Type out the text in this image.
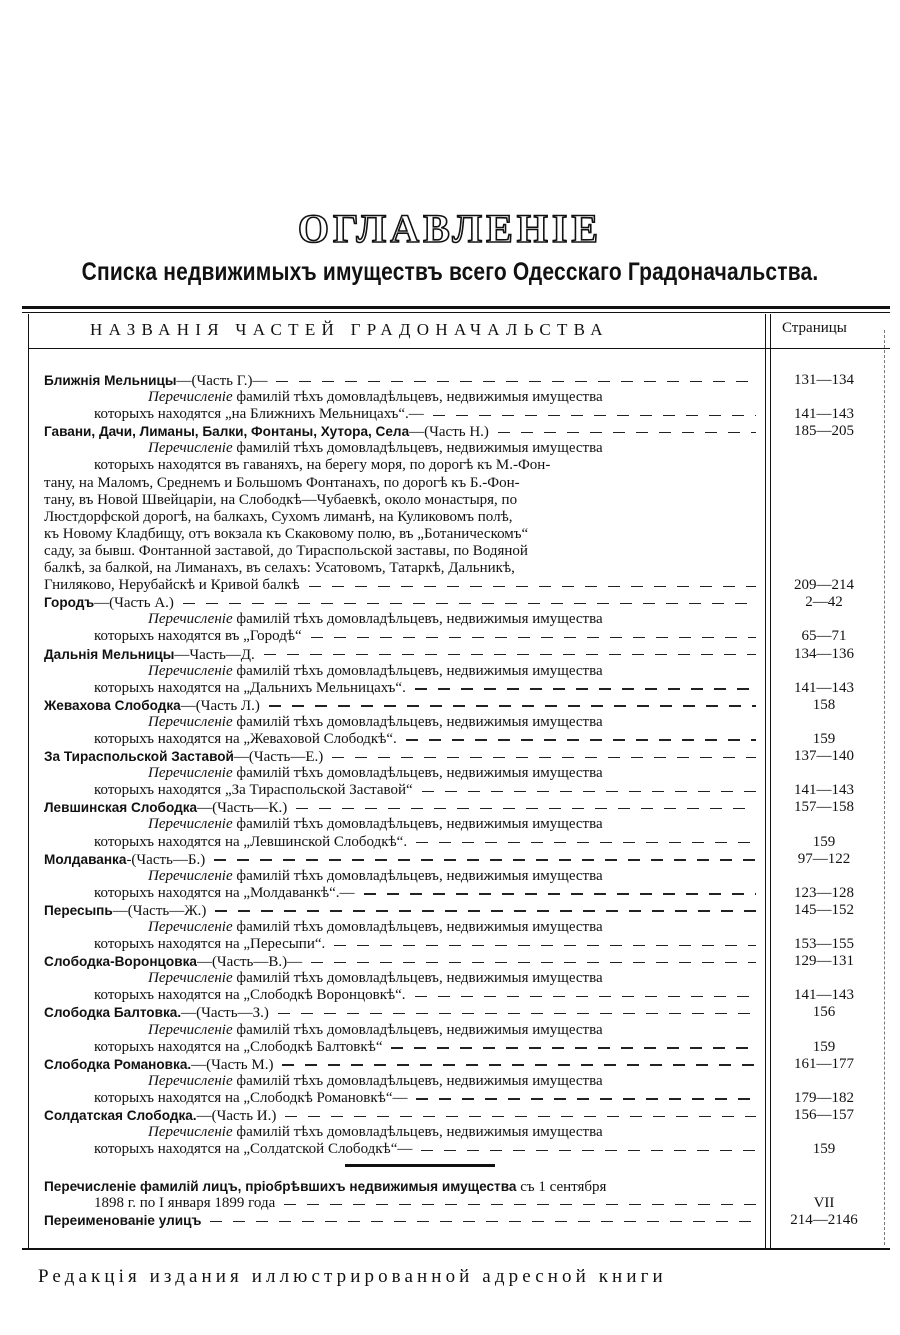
ОГЛАВЛЕНІЕ
Списка недвижимыхъ имуществъ всего Одесскаго Градоначальства.
НАЗВАНІЯ ЧАСТЕЙ ГРАДОНАЧАЛЬСТВА	Страницы
Ближнія Мельницы—(Часть Г.)—	131—134
Перечисленіе фамилій тѣхъ домовладѣльцевъ, недвижимыя имущества
которыхъ находятся „на Ближнихъ Мельницахъ“.—	141—143
Гавани, Дачи, Лиманы, Балки, Фонтаны, Хутора, Села—(Часть Н.)	185—205
Перечисленіе фамилій тѣхъ домовладѣльцевъ, недвижимыя имущества
которыхъ находятся въ гаваняхъ, на берегу моря, по дорогѣ къ М.-Фон-
тану, на Маломъ, Среднемъ и Большомъ Фонтанахъ, по дорогѣ къ Б.-Фон-
тану, въ Новой Швейцаріи, на Слободкѣ—Чубаевкѣ, около монастыря, по
Люстдорфской дорогѣ, на балкахъ, Сухомъ лиманѣ, на Куликовомъ полѣ,
къ Новому Кладбищу, отъ вокзала къ Скаковому полю, въ „Ботаническомъ“
саду, за бывш. Фонтанной заставой, до Тираспольской заставы, по Водяной
балкѣ, за балкой, на Лиманахъ, въ селахъ: Усатовомъ, Татаркѣ, Дальникѣ,
Гниляково, Нерубайскѣ и Кривой балкѣ	209—214
Городъ—(Часть А.)	2—42
Перечисленіе фамилій тѣхъ домовладѣльцевъ, недвижимыя имущества
которыхъ находятся въ „Городѣ“	65—71
Дальнія Мельницы—Часть—Д.	134—136
Перечисленіе фамилій тѣхъ домовладѣльцевъ, недвижимыя имущества
которыхъ находятся на „Дальнихъ Мельницахъ“.	141—143
Жевахова Слободка—(Часть Л.)	158
Перечисленіе фамилій тѣхъ домовладѣльцевъ, недвижимыя имущества
которыхъ находятся на „Жеваховой Слободкѣ“.	159
За Тираспольской Заставой—(Часть—Е.)	137—140
Перечисленіе фамилій тѣхъ домовладѣльцевъ, недвижимыя имущества
которыхъ находятся „За Тираспольской Заставой“	141—143
Левшинская Слободка—(Часть—К.)	157—158
Перечисленіе фамилій тѣхъ домовладѣльцевъ, недвижимыя имущества
которыхъ находятся на „Левшинской Слободкѣ“.	159
Молдаванка-(Часть—Б.)	97—122
Перечисленіе фамилій тѣхъ домовладѣльцевъ, недвижимыя имущества
которыхъ находятся на „Молдаванкѣ“.—	123—128
Пересыпь—(Часть—Ж.)	145—152
Перечисленіе фамилій тѣхъ домовладѣльцевъ, недвижимыя имущества
которыхъ находятся на „Пересыпи“.	153—155
Слободка-Воронцовка—(Часть—В.)—	129—131
Перечисленіе фамилій тѣхъ домовладѣльцевъ, недвижимыя имущества
которыхъ находятся на „Слободкѣ Воронцовкѣ“.	141—143
Слободка Балтовка.—(Часть—З.)	156
Перечисленіе фамилій тѣхъ домовладѣльцевъ, недвижимыя имущества
которыхъ находятся на „Слободкѣ Балтовкѣ“	159
Слободка Романовка.—(Часть М.)	161—177
Перечисленіе фамилій тѣхъ домовладѣльцевъ, недвижимыя имущества
которыхъ находятся на „Слободкѣ Романовкѣ“—	179—182
Солдатская Слободка.—(Часть И.)	156—157
Перечисленіе фамилій тѣхъ домовладѣльцевъ, недвижимыя имущества
которыхъ находятся на „Солдатской Слободкѣ“—	159
Перечисленіе фамилій лицъ, пріобрѣвшихъ недвижимыя имущества съ 1 сентября
1898 г. по I января 1899 года	VII
Переименованіе улицъ	214—2146
Редакція издания иллюстрированной адресной книги
